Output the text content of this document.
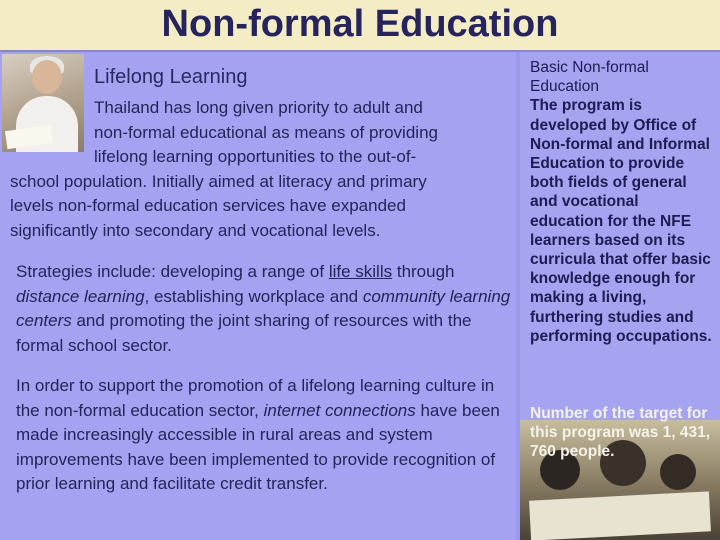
Non-formal Education
Lifelong Learning
Thailand has long given priority to adult and
non-formal educational as means of providing
lifelong learning opportunities to the out-of-
school population. Initially aimed at literacy and primary
levels non-formal education services have expanded
significantly into secondary and vocational levels.
Strategies include: developing a range of life skills through distance learning, establishing workplace and community learning centers and promoting the joint sharing of resources with the formal school sector.
In order to support the promotion of a lifelong learning culture in the non-formal education sector, internet connections have been made increasingly accessible in rural areas and system improvements have been implemented to provide recognition of prior learning and facilitate credit transfer.
Basic Non-formal Education
The program is developed by Office of Non-formal and Informal Education to provide both fields of general and vocational education for the NFE learners based on its curricula that offer basic knowledge enough for making a living, furthering studies and performing occupations.
Number of the target for this program was 1, 431, 760 people.
